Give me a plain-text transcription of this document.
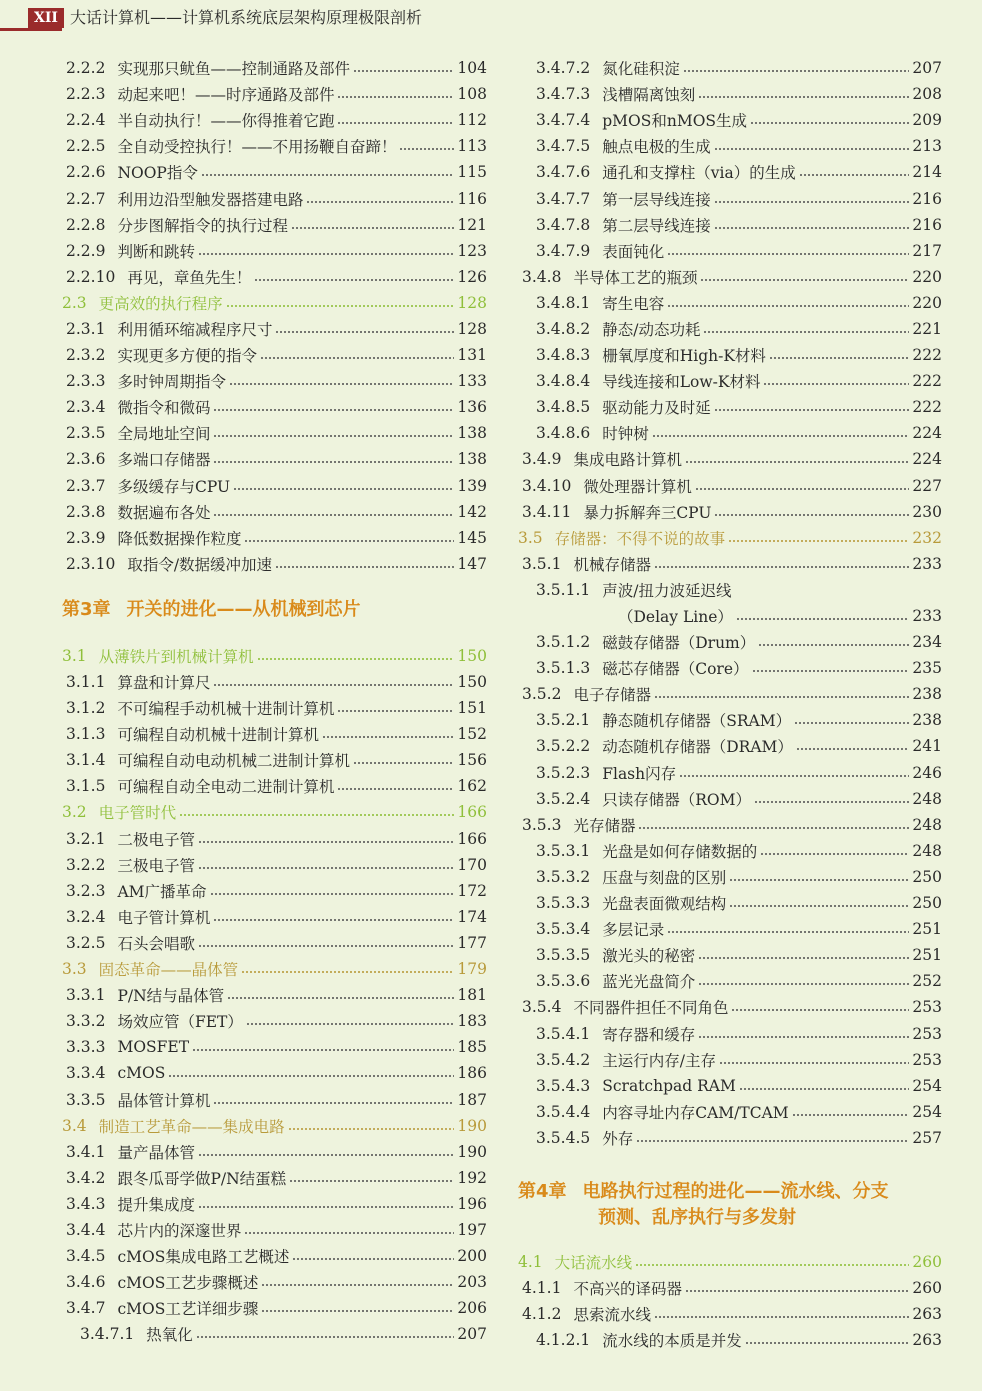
XII 大话计算机——计算机系统底层架构原理极限剖析
2.2.2 实现那只鱿鱼——控制通路及部件	104
2.2.3 动起来吧！——时序通路及部件	108
2.2.4 半自动执行！——你得推着它跑	112
2.2.5 全自动受控执行！——不用扬鞭自奋蹄！	113
2.2.6 NOOP指令	115
2.2.7 利用边沿型触发器搭建电路	116
2.2.8 分步图解指令的执行过程	121
2.2.9 判断和跳转	123
2.2.10 再见，章鱼先生！	126
2.3 更高效的执行程序	128
2.3.1 利用循环缩减程序尺寸	128
2.3.2 实现更多方便的指令	131
2.3.3 多时钟周期指令	133
2.3.4 微指令和微码	136
2.3.5 全局地址空间	138
2.3.6 多端口存储器	138
2.3.7 多级缓存与CPU	139
2.3.8 数据遍布各处	142
2.3.9 降低数据操作粒度	145
2.3.10 取指令/数据缓冲加速	147
第3章 开关的进化——从机械到芯片
3.1 从薄铁片到机械计算机	150
3.1.1 算盘和计算尺	150
3.1.2 不可编程手动机械十进制计算机	151
3.1.3 可编程自动机械十进制计算机	152
3.1.4 可编程自动电动机械二进制计算机	156
3.1.5 可编程自动全电动二进制计算机	162
3.2 电子管时代	166
3.2.1 二极电子管	166
3.2.2 三极电子管	170
3.2.3 AM广播革命	172
3.2.4 电子管计算机	174
3.2.5 石头会唱歌	177
3.3 固态革命——晶体管	179
3.3.1 P/N结与晶体管	181
3.3.2 场效应管（FET）	183
3.3.3 MOSFET	185
3.3.4 cMOS	186
3.3.5 晶体管计算机	187
3.4 制造工艺革命——集成电路	190
3.4.1 量产晶体管	190
3.4.2 跟冬瓜哥学做P/N结蛋糕	192
3.4.3 提升集成度	196
3.4.4 芯片内的深邃世界	197
3.4.5 cMOS集成电路工艺概述	200
3.4.6 cMOS工艺步骤概述	203
3.4.7 cMOS工艺详细步骤	206
3.4.7.1 热氧化	207
3.4.7.2 氮化硅积淀	207
3.4.7.3 浅槽隔离蚀刻	208
3.4.7.4 pMOS和nMOS生成	209
3.4.7.5 触点电极的生成	213
3.4.7.6 通孔和支撑柱（via）的生成	214
3.4.7.7 第一层导线连接	216
3.4.7.8 第二层导线连接	216
3.4.7.9 表面钝化	217
3.4.8 半导体工艺的瓶颈	220
3.4.8.1 寄生电容	220
3.4.8.2 静态/动态功耗	221
3.4.8.3 栅氧厚度和High-K材料	222
3.4.8.4 导线连接和Low-K材料	222
3.4.8.5 驱动能力及时延	222
3.4.8.6 时钟树	224
3.4.9 集成电路计算机	224
3.4.10 微处理器计算机	227
3.4.11 暴力拆解奔三CPU	230
3.5 存储器：不得不说的故事	232
3.5.1 机械存储器	233
3.5.1.1 声波/扭力波延迟线
（Delay Line）	233
3.5.1.2 磁鼓存储器（Drum）	234
3.5.1.3 磁芯存储器（Core）	235
3.5.2 电子存储器	238
3.5.2.1 静态随机存储器（SRAM）	238
3.5.2.2 动态随机存储器（DRAM）	241
3.5.2.3 Flash闪存	246
3.5.2.4 只读存储器（ROM）	248
3.5.3 光存储器	248
3.5.3.1 光盘是如何存储数据的	248
3.5.3.2 压盘与刻盘的区别	250
3.5.3.3 光盘表面微观结构	250
3.5.3.4 多层记录	251
3.5.3.5 激光头的秘密	251
3.5.3.6 蓝光光盘简介	252
3.5.4 不同器件担任不同角色	253
3.5.4.1 寄存器和缓存	253
3.5.4.2 主运行内存/主存	253
3.5.4.3 Scratchpad RAM	254
3.5.4.4 内容寻址内存CAM/TCAM	254
3.5.4.5 外存	257
第4章 电路执行过程的进化——流水线、分支
预测、乱序执行与多发射
4.1 大话流水线	260
4.1.1 不高兴的译码器	260
4.1.2 思索流水线	263
4.1.2.1 流水线的本质是并发	263
